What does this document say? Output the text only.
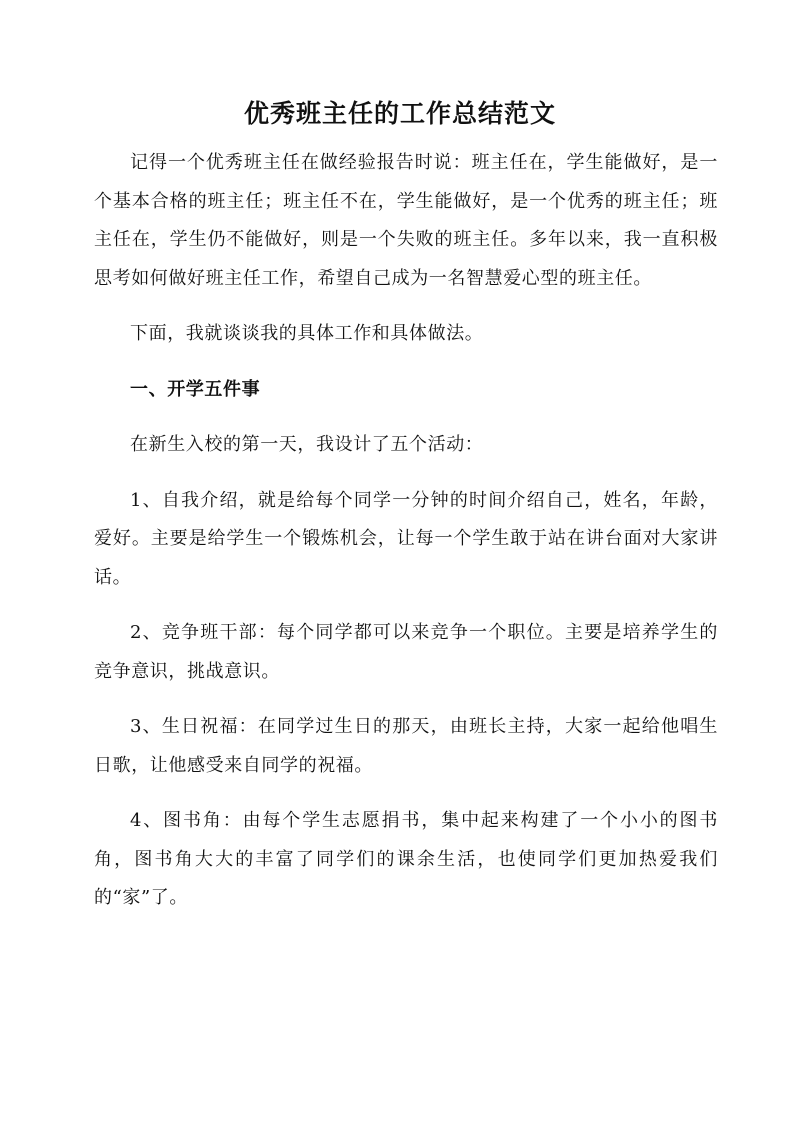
优秀班主任的工作总结范文

记得一个优秀班主任在做经验报告时说：班主任在，学生能做好，是一个基本合格的班主任；班主任不在，学生能做好，是一个优秀的班主任；班主任在，学生仍不能做好，则是一个失败的班主任。多年以来，我一直积极思考如何做好班主任工作，希望自己成为一名智慧爱心型的班主任。

下面，我就谈谈我的具体工作和具体做法。

一、开学五件事

在新生入校的第一天，我设计了五个活动：

1、自我介绍，就是给每个同学一分钟的时间介绍自己，姓名，年龄，爱好。主要是给学生一个锻炼机会，让每一个学生敢于站在讲台面对大家讲话。

2、竞争班干部：每个同学都可以来竞争一个职位。主要是培养学生的竞争意识，挑战意识。

3、生日祝福：在同学过生日的那天，由班长主持，大家一起给他唱生日歌，让他感受来自同学的祝福。

4、图书角：由每个学生志愿捐书，集中起来构建了一个小小的图书角，图书角大大的丰富了同学们的课余生活，也使同学们更加热爱我们的“家”了。
